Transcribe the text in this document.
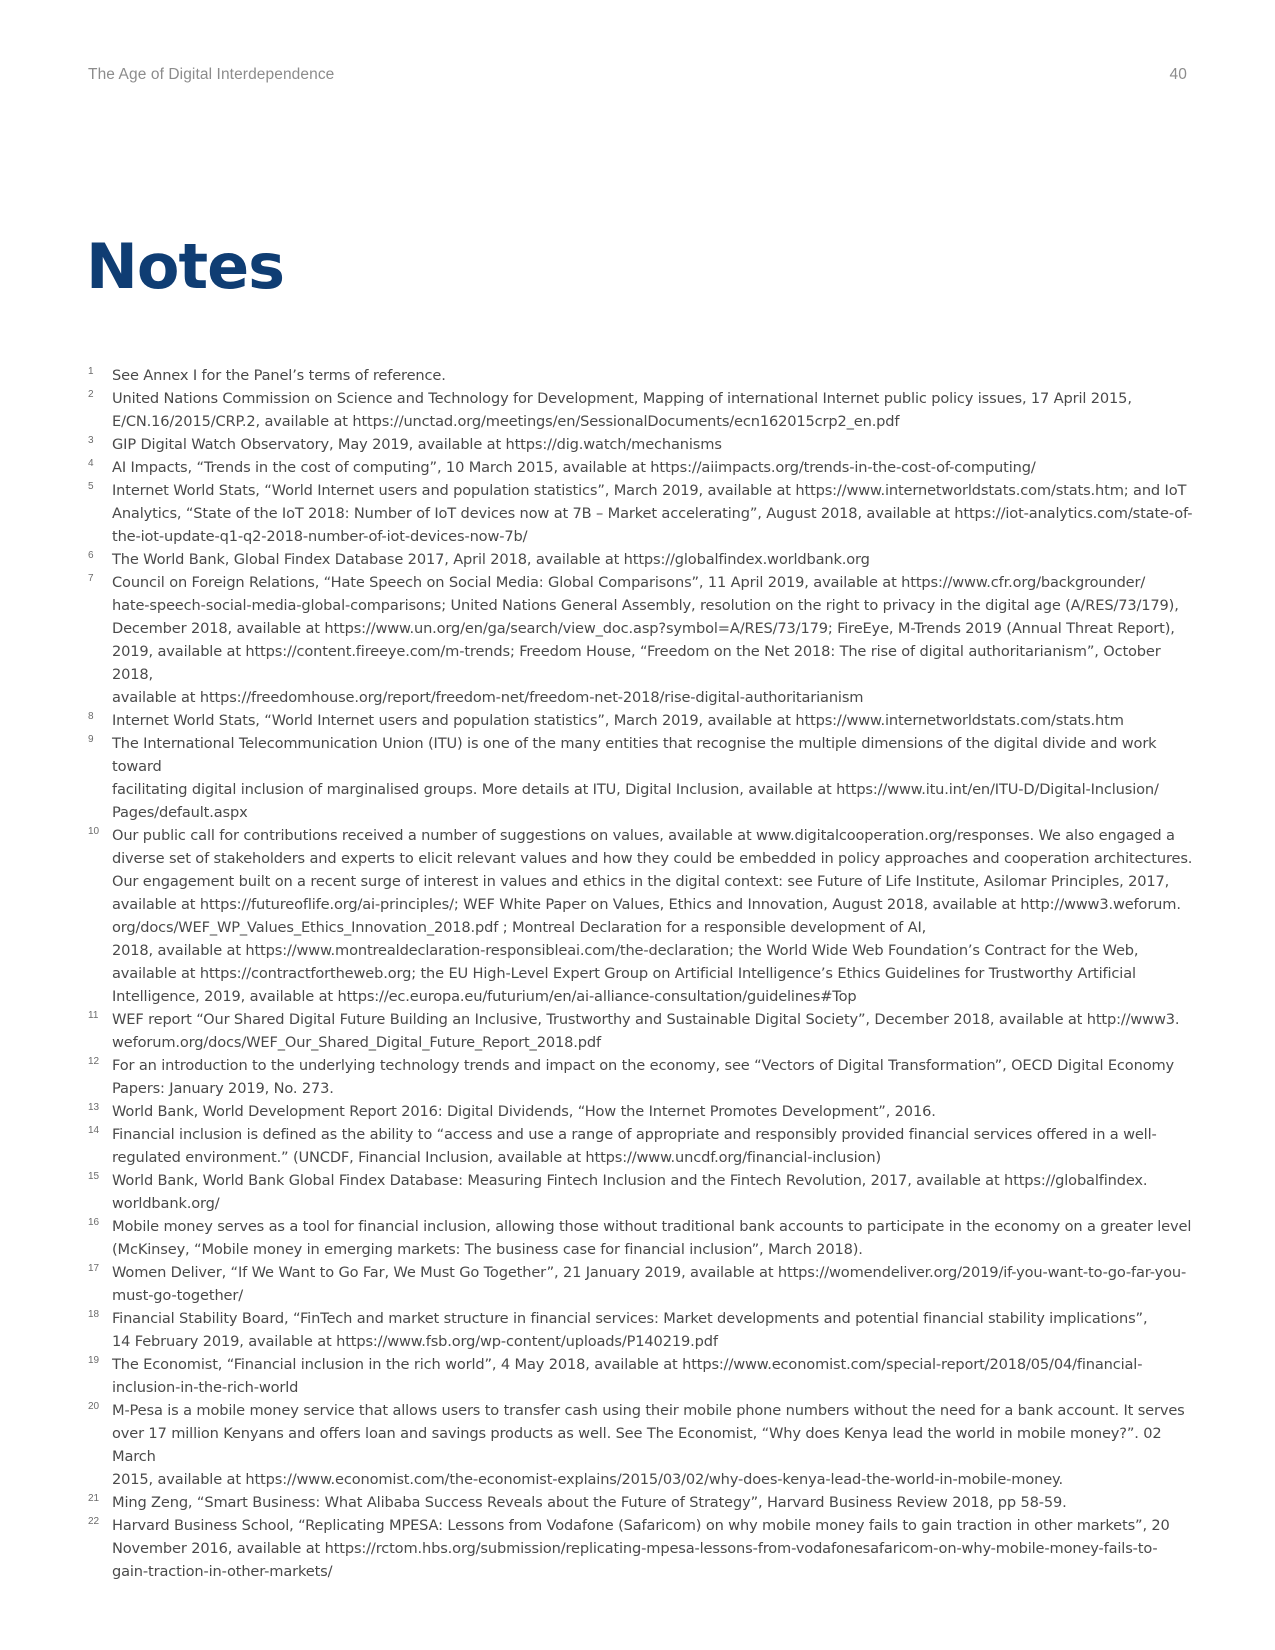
The Age of Digital Interdependence	40
Notes
1	See Annex I for the Panel’s terms of reference.
2	United Nations Commission on Science and Technology for Development, Mapping of international Internet public policy issues, 17 April 2015,
E/CN.16/2015/CRP.2, available at https://unctad.org/meetings/en/SessionalDocuments/ecn162015crp2_en.pdf
3	GIP Digital Watch Observatory, May 2019, available at https://dig.watch/mechanisms
4	AI Impacts, “Trends in the cost of computing”, 10 March 2015, available at https://aiimpacts.org/trends-in-the-cost-of-computing/
5	Internet World Stats, “World Internet users and population statistics”, March 2019, available at https://www.internetworldstats.com/stats.htm; and IoT
Analytics, “State of the IoT 2018: Number of IoT devices now at 7B – Market accelerating”, August 2018, available at https://iot-analytics.com/state-of-
the-iot-update-q1-q2-2018-number-of-iot-devices-now-7b/
6	The World Bank, Global Findex Database 2017, April 2018, available at https://globalfindex.worldbank.org
7	Council on Foreign Relations, “Hate Speech on Social Media: Global Comparisons”, 11 April 2019, available at https://www.cfr.org/backgrounder/
hate-speech-social-media-global-comparisons; United Nations General Assembly, resolution on the right to privacy in the digital age (A/RES/73/179),
December 2018, available at https://www.un.org/en/ga/search/view_doc.asp?symbol=A/RES/73/179; FireEye, M-Trends 2019 (Annual Threat Report),
2019, available at https://content.fireeye.com/m-trends; Freedom House, “Freedom on the Net 2018: The rise of digital authoritarianism”, October 2018,
available at https://freedomhouse.org/report/freedom-net/freedom-net-2018/rise-digital-authoritarianism
8	Internet World Stats, “World Internet users and population statistics”, March 2019, available at https://www.internetworldstats.com/stats.htm
9	The International Telecommunication Union (ITU) is one of the many entities that recognise the multiple dimensions of the digital divide and work toward
facilitating digital inclusion of marginalised groups. More details at ITU, Digital Inclusion, available at https://www.itu.int/en/ITU-D/Digital-Inclusion/
Pages/default.aspx
10 Our public call for contributions received a number of suggestions on values, available at www.digitalcooperation.org/responses. We also engaged a
diverse set of stakeholders and experts to elicit relevant values and how they could be embedded in policy approaches and cooperation architectures.
Our engagement built on a recent surge of interest in values and ethics in the digital context: see Future of Life Institute, Asilomar Principles, 2017,
available at https://futureoflife.org/ai-principles/; WEF White Paper on Values, Ethics and Innovation, August 2018, available at http://www3.weforum.
org/docs/WEF_WP_Values_Ethics_Innovation_2018.pdf ; Montreal Declaration for a responsible development of AI,
2018, available at https://www.montrealdeclaration-responsibleai.com/the-declaration; the World Wide Web Foundation’s Contract for the Web,
available at https://contractfortheweb.org; the EU High-Level Expert Group on Artificial Intelligence’s Ethics Guidelines for Trustworthy Artificial
Intelligence, 2019, available at https://ec.europa.eu/futurium/en/ai-alliance-consultation/guidelines#Top
11 WEF report “Our Shared Digital Future Building an Inclusive, Trustworthy and Sustainable Digital Society”, December 2018, available at http://www3.
weforum.org/docs/WEF_Our_Shared_Digital_Future_Report_2018.pdf
12 For an introduction to the underlying technology trends and impact on the economy, see “Vectors of Digital Transformation”, OECD Digital Economy
Papers: January 2019, No. 273.
13 World Bank, World Development Report 2016: Digital Dividends, “How the Internet Promotes Development”, 2016.
14 Financial inclusion is defined as the ability to “access and use a range of appropriate and responsibly provided financial services offered in a well-
regulated environment.” (UNCDF, Financial Inclusion, available at https://www.uncdf.org/financial-inclusion)
15 World Bank, World Bank Global Findex Database: Measuring Fintech Inclusion and the Fintech Revolution, 2017, available at https://globalfindex.
worldbank.org/
16 Mobile money serves as a tool for financial inclusion, allowing those without traditional bank accounts to participate in the economy on a greater level
(McKinsey, “Mobile money in emerging markets: The business case for financial inclusion”, March 2018).
17 Women Deliver, “If We Want to Go Far, We Must Go Together”, 21 January 2019, available at https://womendeliver.org/2019/if-you-want-to-go-far-you-
must-go-together/
18 Financial Stability Board, “FinTech and market structure in financial services: Market developments and potential financial stability implications”,
14 February 2019, available at https://www.fsb.org/wp-content/uploads/P140219.pdf
19 The Economist, “Financial inclusion in the rich world”, 4 May 2018, available at https://www.economist.com/special-report/2018/05/04/financial-
inclusion-in-the-rich-world
20 M-Pesa is a mobile money service that allows users to transfer cash using their mobile phone numbers without the need for a bank account. It serves
over 17 million Kenyans and offers loan and savings products as well. See The Economist, “Why does Kenya lead the world in mobile money?”. 02 March
2015, available at https://www.economist.com/the-economist-explains/2015/03/02/why-does-kenya-lead-the-world-in-mobile-money.
21 Ming Zeng, “Smart Business: What Alibaba Success Reveals about the Future of Strategy”, Harvard Business Review 2018, pp 58-59.
22 Harvard Business School, “Replicating MPESA: Lessons from Vodafone (Safaricom) on why mobile money fails to gain traction in other markets”, 20
November 2016, available at https://rctom.hbs.org/submission/replicating-mpesa-lessons-from-vodafonesafaricom-on-why-mobile-money-fails-to-
gain-traction-in-other-markets/
